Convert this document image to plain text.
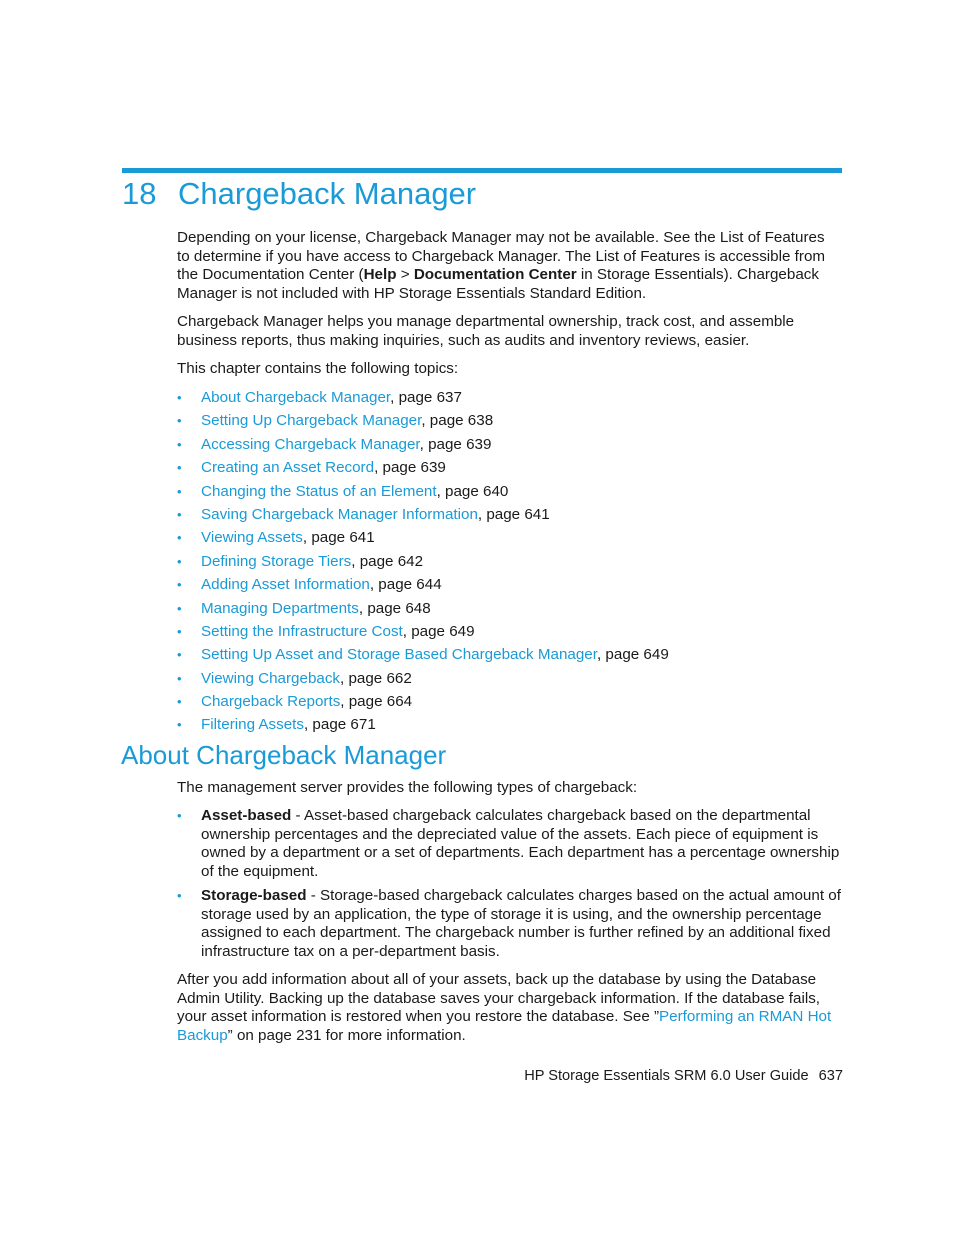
18 Chargeback Manager

Depending on your license, Chargeback Manager may not be available. See the List of Features to determine if you have access to Chargeback Manager. The List of Features is accessible from the Documentation Center (Help > Documentation Center in Storage Essentials). Chargeback Manager is not included with HP Storage Essentials Standard Edition.

Chargeback Manager helps you manage departmental ownership, track cost, and assemble business reports, thus making inquiries, such as audits and inventory reviews, easier.

This chapter contains the following topics:

• About Chargeback Manager, page 637
• Setting Up Chargeback Manager, page 638
• Accessing Chargeback Manager, page 639
• Creating an Asset Record, page 639
• Changing the Status of an Element, page 640
• Saving Chargeback Manager Information, page 641
• Viewing Assets, page 641
• Defining Storage Tiers, page 642
• Adding Asset Information, page 644
• Managing Departments, page 648
• Setting the Infrastructure Cost, page 649
• Setting Up Asset and Storage Based Chargeback Manager, page 649
• Viewing Chargeback, page 662
• Chargeback Reports, page 664
• Filtering Assets, page 671
About Chargeback Manager

The management server provides the following types of chargeback:

• Asset-based - Asset-based chargeback calculates chargeback based on the departmental ownership percentages and the depreciated value of the assets. Each piece of equipment is owned by a department or a set of departments. Each department has a percentage ownership of the equipment.
• Storage-based - Storage-based chargeback calculates charges based on the actual amount of storage used by an application, the type of storage it is using, and the ownership percentage assigned to each department. The chargeback number is further refined by an additional fixed infrastructure tax on a per-department basis.

After you add information about all of your assets, back up the database by using the Database Admin Utility. Backing up the database saves your chargeback information. If the database fails, your asset information is restored when you restore the database. See ”Performing an RMAN Hot Backup” on page 231 for more information.

HP Storage Essentials SRM 6.0 User Guide 637
